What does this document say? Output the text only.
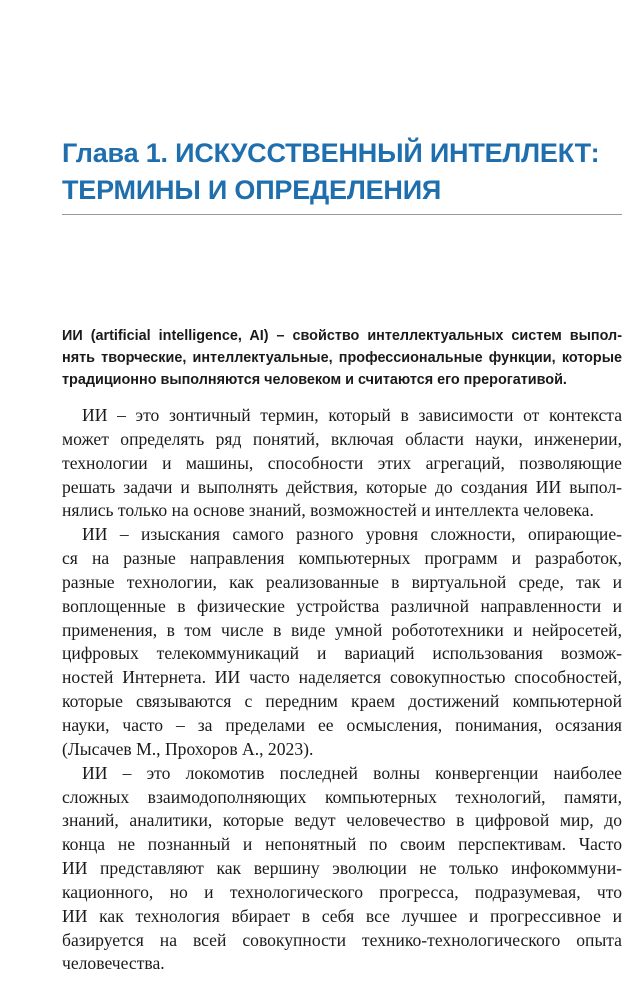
Глава 1. ИСКУССТВЕННЫЙ ИНТЕЛЛЕКТ:
ТЕРМИНЫ И ОПРЕДЕЛЕНИЯ

ИИ (artificial intelligence, AI) – свойство интеллектуальных систем выпол-
нять творческие, интеллектуальные, профессиональные функции, которые
традиционно выполняются человеком и считаются его прерогативой.

ИИ – это зонтичный термин, который в зависимости от контекста
может определять ряд понятий, включая области науки, инженерии,
технологии и машины, способности этих агрегаций, позволяющие
решать задачи и выполнять действия, которые до создания ИИ выпол-
нялись только на основе знаний, возможностей и интеллекта человека.

ИИ – изыскания самого разного уровня сложности, опирающие-
ся на разные направления компьютерных программ и разработок,
разные технологии, как реализованные в виртуальной среде, так и
воплощенные в физические устройства различной направленности и
применения, в том числе в виде умной робототехники и нейросетей,
цифровых телекоммуникаций и вариаций использования возмож-
ностей Интернета. ИИ часто наделяется совокупностью способностей,
которые связываются с передним краем достижений компьютерной
науки, часто – за пределами ее осмысления, понимания, осязания
(Лысачев М., Прохоров А., 2023).

ИИ – это локомотив последней волны конвергенции наиболее
сложных взаимодополняющих компьютерных технологий, памяти,
знаний, аналитики, которые ведут человечество в цифровой мир, до
конца не познанный и непонятный по своим перспективам. Часто
ИИ представляют как вершину эволюции не только инфокоммуни-
кационного, но и технологического прогресса, подразумевая, что
ИИ как технология вбирает в себя все лучшее и прогрессивное и
базируется на всей совокупности технико-технологического опыта
человечества.
